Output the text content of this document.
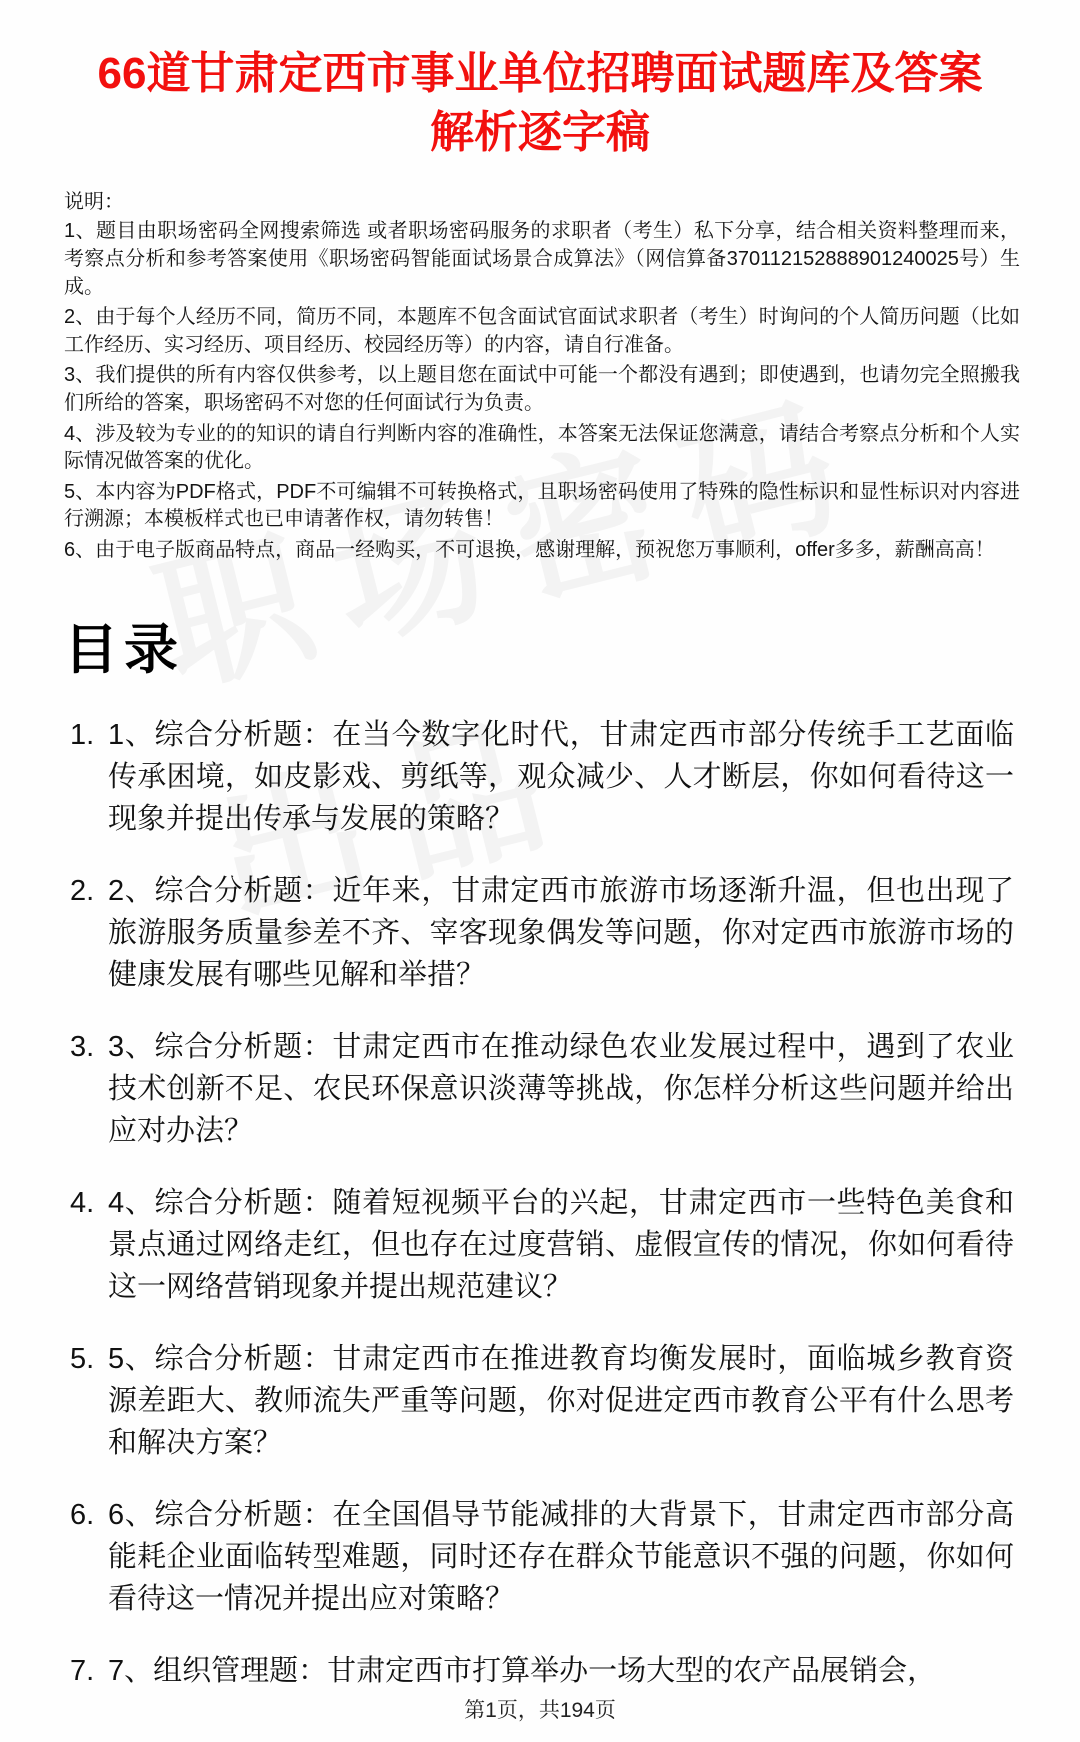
66道甘肃定西市事业单位招聘面试题库及答案
解析逐字稿
说明：
1、题目由职场密码全网搜索筛选 或者职场密码服务的求职者（考生）私下分享，结合相关资料整理而来，考察点分析和参考答案使用《职场密码智能面试场景合成算法》（网信算备370112152888901240025号）生成。
2、由于每个人经历不同，简历不同，本题库不包含面试官面试求职者（考生）时询问的个人简历问题（比如工作经历、实习经历、项目经历、校园经历等）的内容，请自行准备。
3、我们提供的所有内容仅供参考，以上题目您在面试中可能一个都没有遇到；即使遇到，也请勿完全照搬我们所给的答案，职场密码不对您的任何面试行为负责。
4、涉及较为专业的的知识的请自行判断内容的准确性，本答案无法保证您满意，请结合考察点分析和个人实际情况做答案的优化。
5、本内容为PDF格式，PDF不可编辑不可转换格式，且职场密码使用了特殊的隐性标识和显性标识对内容进行溯源；本模板样式也已申请著作权，请勿转售！
6、由于电子版商品特点，商品一经购买，不可退换，感谢理解，预祝您万事顺利，offer多多，薪酬高高！
目录
1. 1、综合分析题：在当今数字化时代，甘肃定西市部分传统手工艺面临传承困境，如皮影戏、剪纸等，观众减少、人才断层，你如何看待这一现象并提出传承与发展的策略？
2. 2、综合分析题：近年来，甘肃定西市旅游市场逐渐升温，但也出现了旅游服务质量参差不齐、宰客现象偶发等问题，你对定西市旅游市场的健康发展有哪些见解和举措？
3. 3、综合分析题：甘肃定西市在推动绿色农业发展过程中，遇到了农业技术创新不足、农民环保意识淡薄等挑战，你怎样分析这些问题并给出应对办法？
4. 4、综合分析题：随着短视频平台的兴起，甘肃定西市一些特色美食和景点通过网络走红，但也存在过度营销、虚假宣传的情况，你如何看待这一网络营销现象并提出规范建议？
5. 5、综合分析题：甘肃定西市在推进教育均衡发展时，面临城乡教育资源差距大、教师流失严重等问题，你对促进定西市教育公平有什么思考和解决方案？
6. 6、综合分析题：在全国倡导节能减排的大背景下，甘肃定西市部分高能耗企业面临转型难题，同时还存在群众节能意识不强的问题，你如何看待这一情况并提出应对策略？
7. 7、组织管理题：甘肃定西市打算举办一场大型的农产品展销会，
第1页，共194页
